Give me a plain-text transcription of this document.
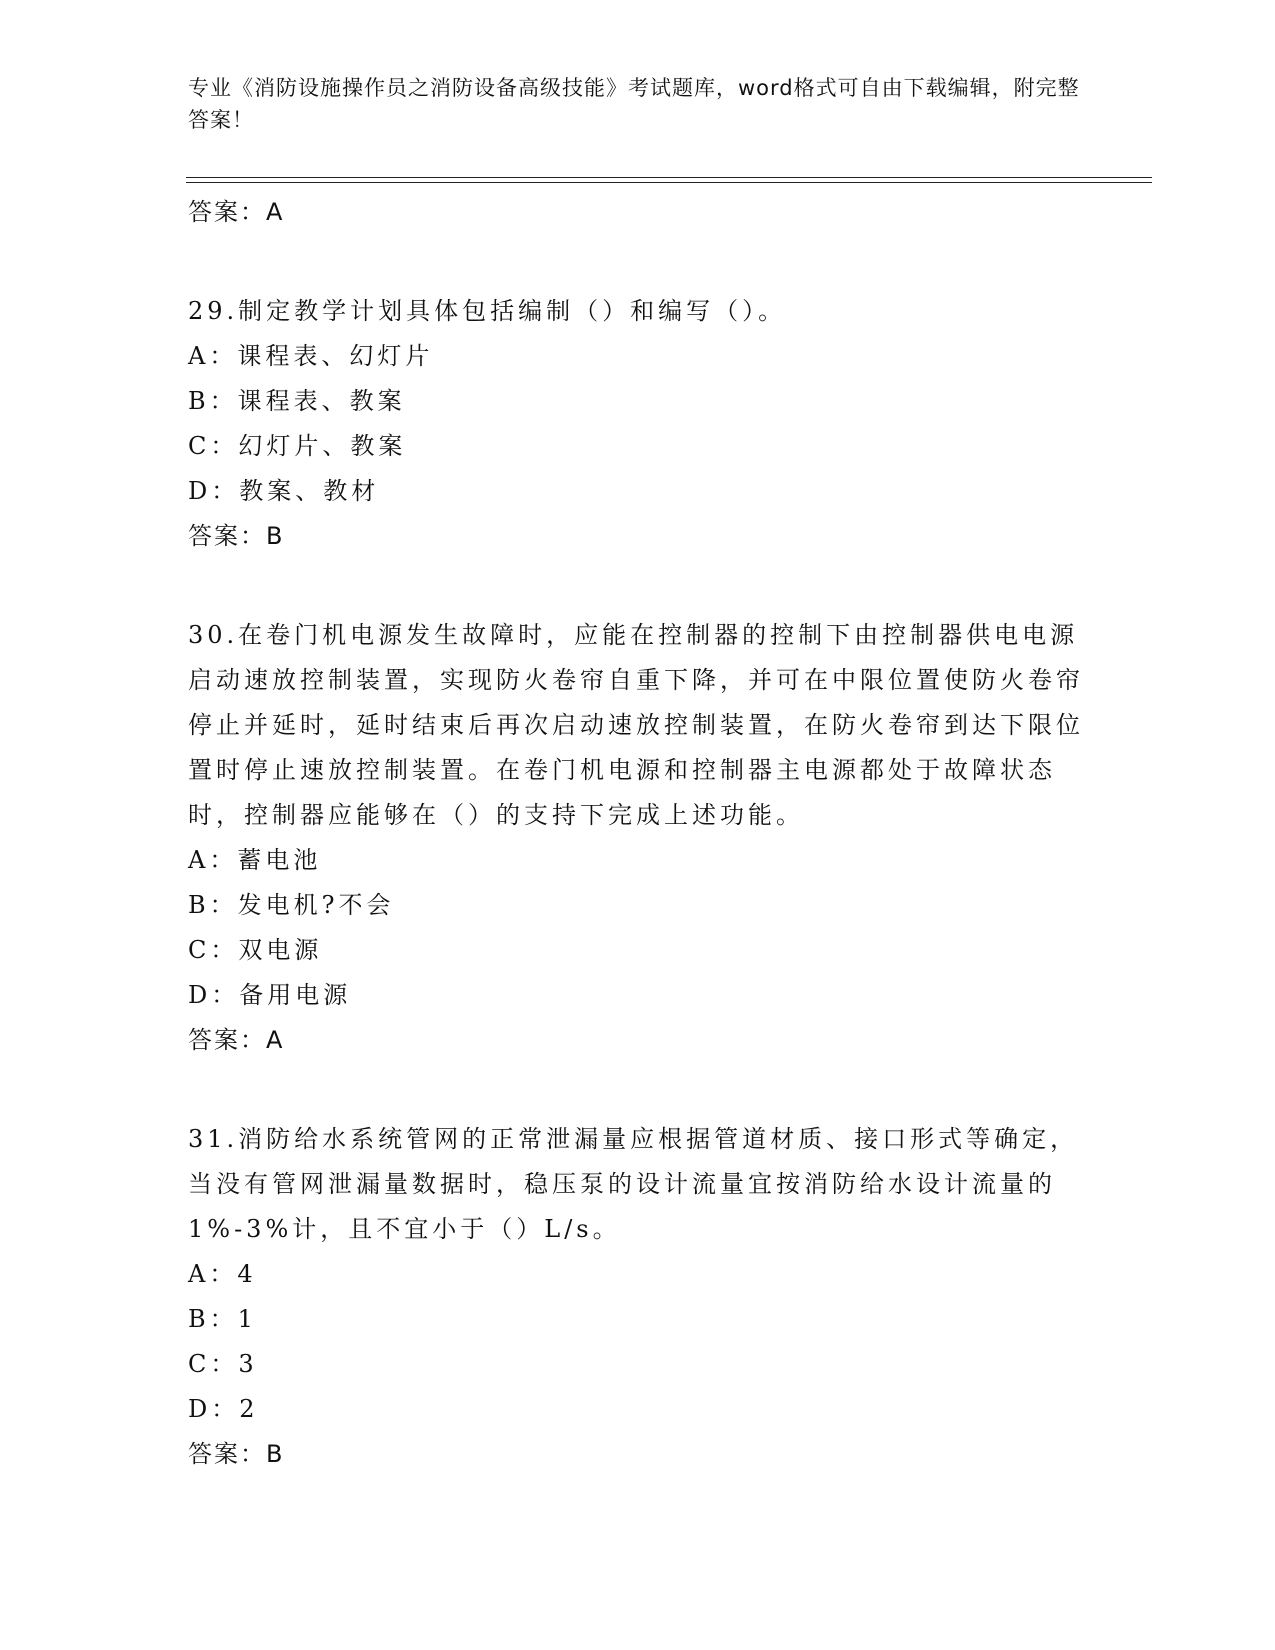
专业《消防设施操作员之消防设备高级技能》考试题库，word格式可自由下载编辑，附完整答案！
答案：A
29.制定教学计划具体包括编制（）和编写（）。
A：课程表、幻灯片
B：课程表、教案
C：幻灯片、教案
D：教案、教材
答案：B
30.在卷门机电源发生故障时，应能在控制器的控制下由控制器供电电源启动速放控制装置，实现防火卷帘自重下降，并可在中限位置使防火卷帘停止并延时，延时结束后再次启动速放控制装置，在防火卷帘到达下限位置时停止速放控制装置。在卷门机电源和控制器主电源都处于故障状态时，控制器应能够在（）的支持下完成上述功能。
A：蓄电池
B：发电机?不会
C：双电源
D：备用电源
答案：A
31.消防给水系统管网的正常泄漏量应根据管道材质、接口形式等确定，当没有管网泄漏量数据时，稳压泵的设计流量宜按消防给水设计流量的1%-3%计，且不宜小于（）L/s。
A：4
B：1
C：3
D：2
答案：B
